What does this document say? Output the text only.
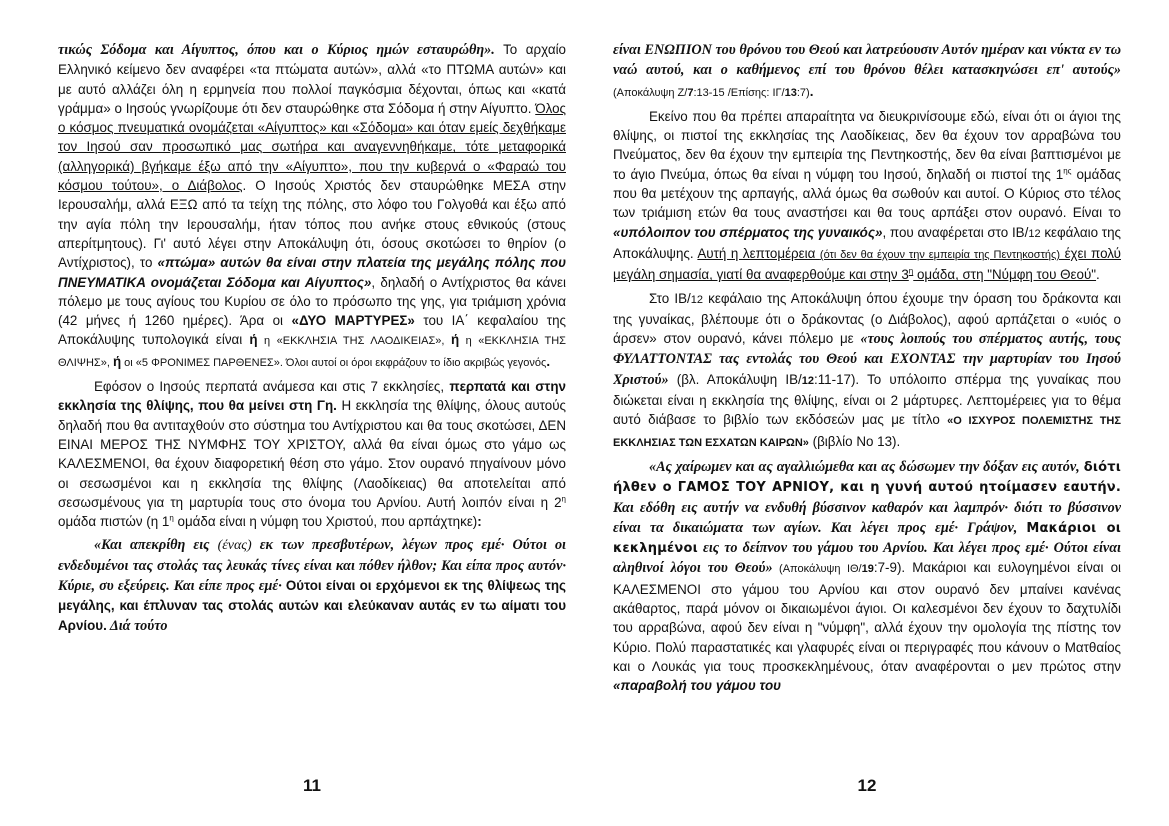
τικώς Σόδομα και Αίγυπτος, όπου και ο Κύριος ημών εσταυρώθη». Το αρχαίο Ελληνικό κείμενο δεν αναφέρει «τα πτώματα αυτών», αλλά «το ΠΤΩΜΑ αυτών» και με αυτό αλλάζει όλη η ερμηνεία που πολλοί παγκόσμια δέχονται, όπως και «κατά γράμμα» ο Ιησούς γνωρίζουμε ότι δεν σταυρώθηκε στα Σόδομα ή στην Αίγυπτο. Όλος ο κόσμος πνευματικά ονομάζεται «Αίγυπτος» και «Σόδομα» και όταν εμείς δεχθήκαμε τον Ιησού σαν προσωπικό μας σωτήρα και αναγεννηθήκαμε, τότε μεταφορικά (αλληγορικά) βγήκαμε έξω από την «Αίγυπτο», που την κυβερνά ο «Φαραώ του κόσμου τούτου», ο Διάβολος. Ο Ιησούς Χριστός δεν σταυρώθηκε ΜΕΣΑ στην Ιερουσαλήμ, αλλά ΕΞΩ από τα τείχη της πόλης, στο λόφο του Γολγοθά και έξω από την αγία πόλη την Ιερουσαλήμ, ήταν τόπος που ανήκε στους εθνικούς (στους απερίτμητους). Γι' αυτό λέγει στην Αποκάλυψη ότι, όσους σκοτώσει το θηρίον (ο Αντίχριστος), το «πτώμα» αυτών θα είναι στην πλατεία της μεγάλης πόλης που ΠΝΕΥΜΑΤΙΚΑ ονομάζεται Σόδομα και Αίγυπτος», δηλαδή ο Αντίχριστος θα κάνει πόλεμο με τους αγίους του Κυρίου σε όλο το πρόσωπο της γης, για τριάμιση χρόνια (42 μήνες ή 1260 ημέρες). Άρα οι «ΔΥΟ ΜΑΡΤΥΡΕΣ» του ΙΑ΄ κεφαλαίου της Αποκάλυψης τυπολογικά είναι ή η «ΕΚΚΛΗΣΙΑ ΤΗΣ ΛΑΟΔΙΚΕΙΑΣ», ή η «ΕΚΚΛΗΣΙΑ ΤΗΣ ΘΛΙΨΗΣ», ή οι «5 ΦΡΟΝΙΜΕΣ ΠΑΡΘΕΝΕΣ». Όλοι αυτοί οι όροι εκφράζουν το ίδιο ακριβώς γεγονός.

Εφόσον ο Ιησούς περπατά ανάμεσα και στις 7 εκκλησίες, περπατά και στην εκκλησία της θλίψης, που θα μείνει στη Γη. Η εκκλησία της θλίψης, όλους αυτούς δηλαδή που θα αντιταχθούν στο σύστημα του Αντίχριστου και θα τους σκοτώσει, ΔΕΝ ΕΙΝΑΙ ΜΕΡΟΣ ΤΗΣ ΝΥΜΦΗΣ ΤΟΥ ΧΡΙΣΤΟΥ, αλλά θα είναι όμως στο γάμο ως ΚΑΛΕΣΜΕΝΟΙ, θα έχουν διαφορετική θέση στο γάμο. Στον ουρανό πηγαίνουν μόνο οι σεσωσμένοι και η εκκλησία της θλίψης (Λαοδίκειας) θα αποτελείται από σεσωσμένους για τη μαρτυρία τους στο όνομα του Αρνίου. Αυτή λοιπόν είναι η $2^\eta$ ομάδα πιστών (η $1^\eta$ ομάδα είναι η νύμφη του Χριστού, που αρπάχτηκε):

«Και απεκρίθη εις (ένας) εκ των πρεσβυτέρων, λέγων προς εμέ· Ούτοι οι ενδεδυμένοι τας στολάς τας λευκάς τίνες είναι και πόθεν ήλθον; Και είπα προς αυτόν· Κύριε, συ εξεύρεις. Και είπε προς εμέ· Ούτοι είναι οι ερχόμενοι εκ της θλίψεως της μεγάλης, και έπλυναν τας στολάς αυτών και ελεύκαναν αυτάς εν τω αίματι του Αρνίου. Διά τούτο

11

είναι ΕΝΩΠΙΟΝ του θρόνου του Θεού και λατρεύουσιν Αυτόν ημέραν και νύκτα εν τω ναώ αυτού, και ο καθήμενος επί του θρόνου θέλει κατασκηνώσει επ' αυτούς» (Αποκάλυψη Ζ/7:13-15 /Επίσης: ΙΓ/13:7).

Εκείνο που θα πρέπει απαραίτητα να διευκρινίσουμε εδώ, είναι ότι οι άγιοι της θλίψης, οι πιστοί της εκκλησίας της Λαοδίκειας, δεν θα έχουν τον αρραβώνα του Πνεύματος, δεν θα έχουν την εμπειρία της Πεντηκοστής, δεν θα είναι βαπτισμένοι με το άγιο Πνεύμα, όπως θα είναι η νύμφη του Ιησού, δηλαδή οι πιστοί της $1^{\eta\varsigma}$ ομάδας που θα μετέχουν της αρπαγής, αλλά όμως θα σωθούν και αυτοί. Ο Κύριος στο τέλος των τριάμιση ετών θα τους αναστήσει και θα τους αρπάξει στον ουρανό. Είναι το «υπόλοιπον του σπέρματος της γυναικός», που αναφέρεται στο ΙΒ/12 κεφάλαιο της Αποκάλυψης. Αυτή η λεπτομέρεια (ότι δεν θα έχουν την εμπειρία της Πεντηκοστής) έχει πολύ μεγάλη σημασία, γιατί θα αναφερθούμε και στην $3^\eta$ ομάδα, στη "Νύμφη του Θεού".

Στο ΙΒ/12 κεφάλαιο της Αποκάλυψη όπου έχουμε την όραση του δράκοντα και της γυναίκας, βλέπουμε ότι ο δράκοντας (ο Διάβολος), αφού αρπάζεται ο «υιός ο άρσεν» στον ουρανό, κάνει πόλεμο με «τους λοιπούς του σπέρματος αυτής, τους ΦΥΛΑΤΤΟΝΤΑΣ τας εντολάς του Θεού και ΕΧΟΝΤΑΣ την μαρτυρίαν του Ιησού Χριστού» (βλ. Αποκάλυψη ΙΒ/12:11-17). Το υπόλοιπο σπέρμα της γυναίκας που διώκεται είναι η εκκλησία της θλίψης, είναι οι 2 μάρτυρες. Λεπτομέρειες για το θέμα αυτό διάβασε το βιβλίο των εκδόσεών μας με τίτλο «Ο ΙΣΧΥΡΟΣ ΠΟΛΕΜΙΣΤΗΣ ΤΗΣ ΕΚΚΛΗΣΙΑΣ ΤΩΝ ΕΣΧΑΤΩΝ ΚΑΙΡΩΝ» (βιβλίο Νο 13).

«Ας χαίρωμεν και ας αγαλλιώμεθα και ας δώσωμεν την δόξαν εις αυτόν, διότι ήλθεν ο ΓΑΜΟΣ ΤΟΥ ΑΡΝΙΟΥ, και η γυνή αυτού ητοίμασεν εαυτήν. Και εδόθη εις αυτήν να ενδυθή βύσσινον καθαρόν και λαμπρόν· διότι το βύσσινον είναι τα δικαιώματα των αγίων. Και λέγει προς εμέ· Γράψον, Μακάριοι οι κεκλημένοι εις το δείπνον του γάμου του Αρνίου. Και λέγει προς εμέ· Ούτοι είναι αληθινοί λόγοι του Θεού» (Αποκάλυψη ΙΘ/19:7-9). Μακάριοι και ευλογημένοι είναι οι ΚΑΛΕΣΜΕΝΟΙ στο γάμου του Αρνίου και στον ουρανό δεν μπαίνει κανένας ακάθαρτος, παρά μόνον οι δικαιωμένοι άγιοι. Οι καλεσμένοι δεν έχουν το δαχτυλίδι του αρραβώνα, αφού δεν είναι η "νύμφη", αλλά έχουν την ομολογία της πίστης τον Κύριο. Πολύ παραστατικές και γλαφυρές είναι οι περιγραφές που κάνουν ο Ματθαίος και ο Λουκάς για τους προσκεκλημένους, όταν αναφέρονται ο μεν πρώτος στην «παραβολή του γάμου του

12
